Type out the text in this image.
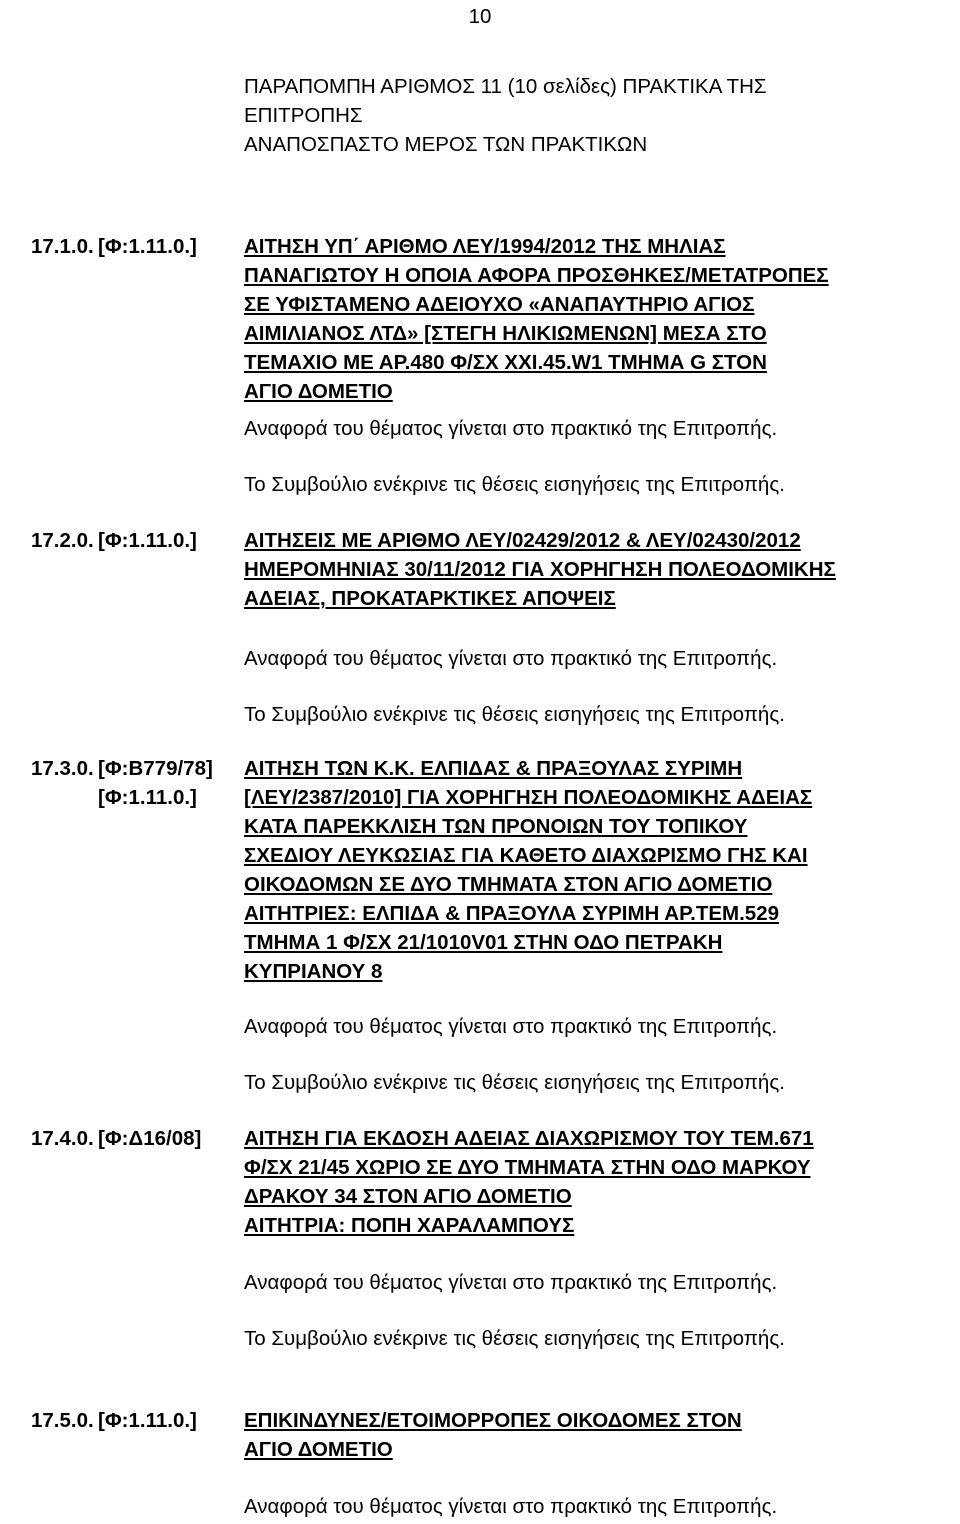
10
ΠΑΡΑΠΟΜΠΗ ΑΡΙΘΜΟΣ 11 (10 σελίδες) ΠΡΑΚΤΙΚΑ ΤΗΣ
ΕΠΙΤΡΟΠΗΣ
ΑΝΑΠΟΣΠΑΣΤΟ ΜΕΡΟΣ ΤΩΝ ΠΡΑΚΤΙΚΩΝ
17.1.0. [Φ:1.11.0.] ΑΙΤΗΣΗ ΥΠ΄ ΑΡΙΘΜΟ ΛΕΥ/1994/2012 ΤΗΣ ΜΗΛΙΑΣ
ΠΑΝΑΓΙΩΤΟΥ Η ΟΠΟΙΑ ΑΦΟΡΑ ΠΡΟΣΘΗΚΕΣ/ΜΕΤΑΤΡΟΠΕΣ
ΣΕ ΥΦΙΣΤΑΜΕΝΟ ΑΔΕΙΟΥΧΟ «ΑΝΑΠΑΥΤΗΡΙΟ ΑΓΙΟΣ
ΑΙΜΙΛΙΑΝΟΣ ΛΤΔ» [ΣΤΕΓΗ ΗΛΙΚΙΩΜΕΝΩΝ] ΜΕΣΑ ΣΤΟ
ΤΕΜΑΧΙΟ ΜΕ ΑΡ.480 Φ/ΣΧ XXI.45.W1 ΤΜΗΜΑ G ΣΤΟΝ
ΑΓΙΟ ΔΟΜΕΤΙΟ
Αναφορά του θέματος γίνεται στο πρακτικό της Επιτροπής.
Το Συμβούλιο ενέκρινε τις θέσεις εισηγήσεις της Επιτροπής.
17.2.0. [Φ:1.11.0.] ΑΙΤΗΣΕΙΣ ΜΕ ΑΡΙΘΜΟ ΛΕΥ/02429/2012 & ΛΕΥ/02430/2012
ΗΜΕΡΟΜΗΝΙΑΣ 30/11/2012 ΓΙΑ ΧΟΡΗΓΗΣΗ ΠΟΛΕΟΔΟΜΙΚΗΣ
ΑΔΕΙΑΣ, ΠΡΟΚΑΤΑΡΚΤΙΚΕΣ ΑΠΟΨΕΙΣ
Αναφορά του θέματος γίνεται στο πρακτικό της Επιτροπής.
Το Συμβούλιο ενέκρινε τις θέσεις εισηγήσεις της Επιτροπής.
17.3.0. [Φ:B779/78]
[Φ:1.11.0.]
ΑΙΤΗΣΗ ΤΩΝ Κ.Κ. ΕΛΠΙΔΑΣ & ΠΡΑΞΟΥΛΑΣ ΣΥΡΙΜΗ
[ΛΕΥ/2387/2010] ΓΙΑ ΧΟΡΗΓΗΣΗ ΠΟΛΕΟΔΟΜΙΚΗΣ ΑΔΕΙΑΣ
ΚΑΤΑ ΠΑΡΕΚΚΛΙΣΗ ΤΩΝ ΠΡΟΝΟΙΩΝ ΤΟΥ ΤΟΠΙΚΟΥ
ΣΧΕΔΙΟΥ ΛΕΥΚΩΣΙΑΣ ΓΙΑ ΚΑΘΕΤΟ ΔΙΑΧΩΡΙΣΜΟ ΓΗΣ ΚΑΙ
ΟΙΚΟΔΟΜΩΝ ΣΕ ΔΥΟ ΤΜΗΜΑΤΑ ΣΤΟΝ ΑΓΙΟ ΔΟΜΕΤΙΟ
ΑΙΤΗΤΡΙΕΣ: ΕΛΠΙΔΑ & ΠΡΑΞΟΥΛΑ ΣΥΡΙΜΗ ΑΡ.ΤΕΜ.529
ΤΜΗΜΑ 1 Φ/ΣΧ 21/1010V01 ΣΤΗΝ ΟΔΟ ΠΕΤΡΑΚΗ
ΚΥΠΡΙΑΝΟΥ 8
Αναφορά του θέματος γίνεται στο πρακτικό της Επιτροπής.
Το Συμβούλιο ενέκρινε τις θέσεις εισηγήσεις της Επιτροπής.
17.4.0. [Φ:Δ16/08] ΑΙΤΗΣΗ ΓΙΑ ΕΚΔΟΣΗ ΑΔΕΙΑΣ ΔΙΑΧΩΡΙΣΜΟΥ ΤΟΥ ΤΕΜ.671
Φ/ΣΧ 21/45 ΧΩΡΙΟ ΣΕ ΔΥΟ ΤΜΗΜΑΤΑ ΣΤΗΝ ΟΔΟ ΜΑΡΚΟΥ
ΔΡΑΚΟΥ 34 ΣΤΟΝ ΑΓΙΟ ΔΟΜΕΤΙΟ
ΑΙΤΗΤΡΙΑ: ΠΟΠΗ ΧΑΡΑΛΑΜΠΟΥΣ
Αναφορά του θέματος γίνεται στο πρακτικό της Επιτροπής.
Το Συμβούλιο ενέκρινε τις θέσεις εισηγήσεις της Επιτροπής.
17.5.0. [Φ:1.11.0.] ΕΠΙΚΙΝΔΥΝΕΣ/ΕΤΟΙΜΟΡΡΟΠΕΣ ΟΙΚΟΔΟΜΕΣ ΣΤΟΝ
ΑΓΙΟ ΔΟΜΕΤΙΟ
Αναφορά του θέματος γίνεται στο πρακτικό της Επιτροπής.
